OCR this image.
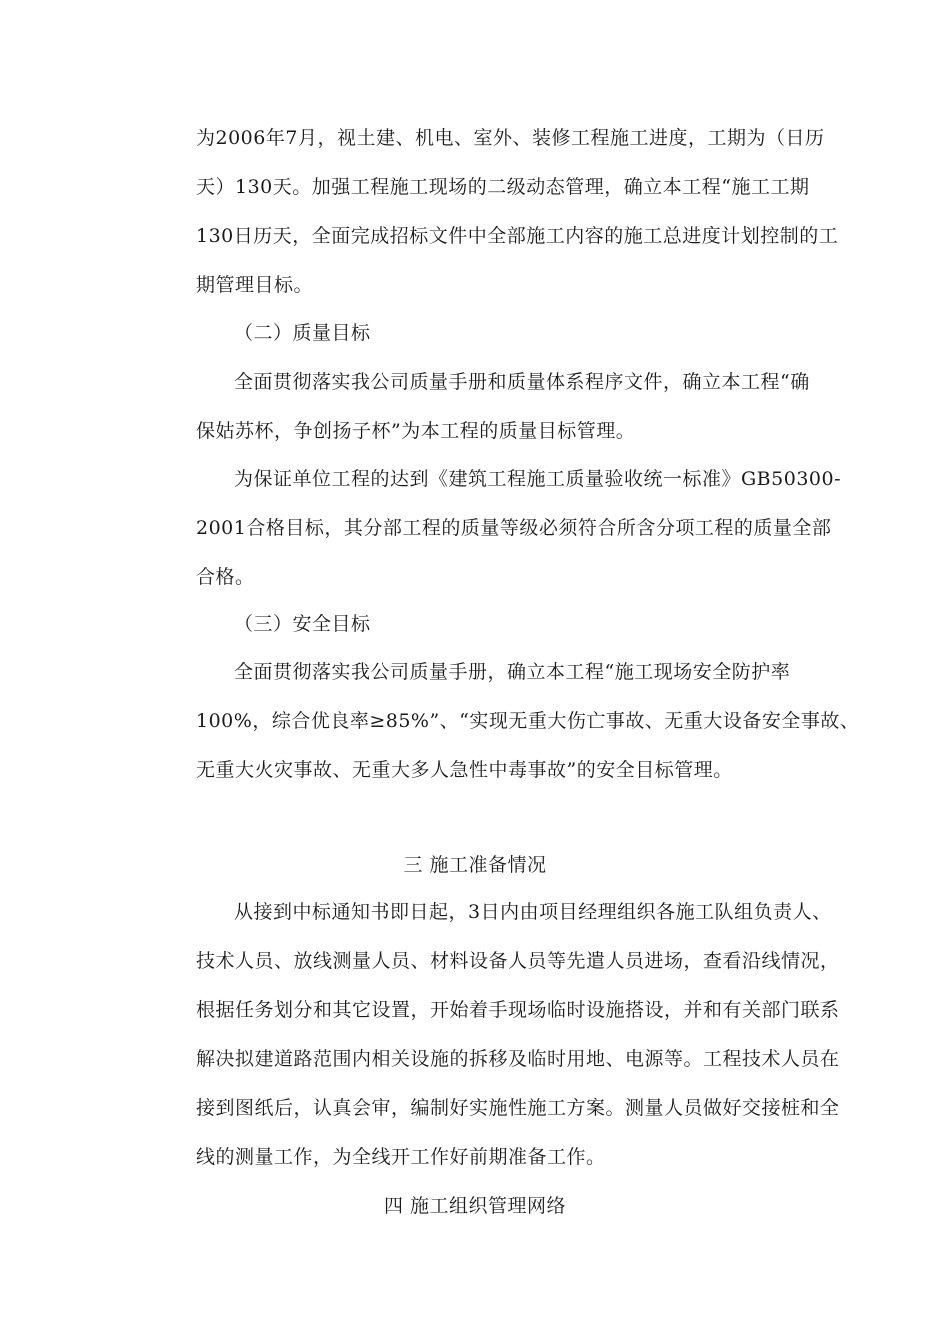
为2006年7月，视土建、机电、室外、装修工程施工进度，工期为（日历
天）130天。加强工程施工现场的二级动态管理，确立本工程“施工工期
130日历天，全面完成招标文件中全部施工内容的施工总进度计划控制的工
期管理目标。
（二）质量目标
全面贯彻落实我公司质量手册和质量体系程序文件，确立本工程“确
保姑苏杯，争创扬子杯”为本工程的质量目标管理。
为保证单位工程的达到《建筑工程施工质量验收统一标准》GB50300-
2001合格目标，其分部工程的质量等级必须符合所含分项工程的质量全部
合格。
（三）安全目标
全面贯彻落实我公司质量手册，确立本工程“施工现场安全防护率
100%，综合优良率≥85%”、“实现无重大伤亡事故、无重大设备安全事故、
无重大火灾事故、无重大多人急性中毒事故”的安全目标管理。
三 施工准备情况
从接到中标通知书即日起，3日内由项目经理组织各施工队组负责人、
技术人员、放线测量人员、材料设备人员等先遣人员进场，查看沿线情况，
根据任务划分和其它设置，开始着手现场临时设施搭设，并和有关部门联系
解决拟建道路范围内相关设施的拆移及临时用地、电源等。工程技术人员在
接到图纸后，认真会审，编制好实施性施工方案。测量人员做好交接桩和全
线的测量工作，为全线开工作好前期准备工作。
四 施工组织管理网络
